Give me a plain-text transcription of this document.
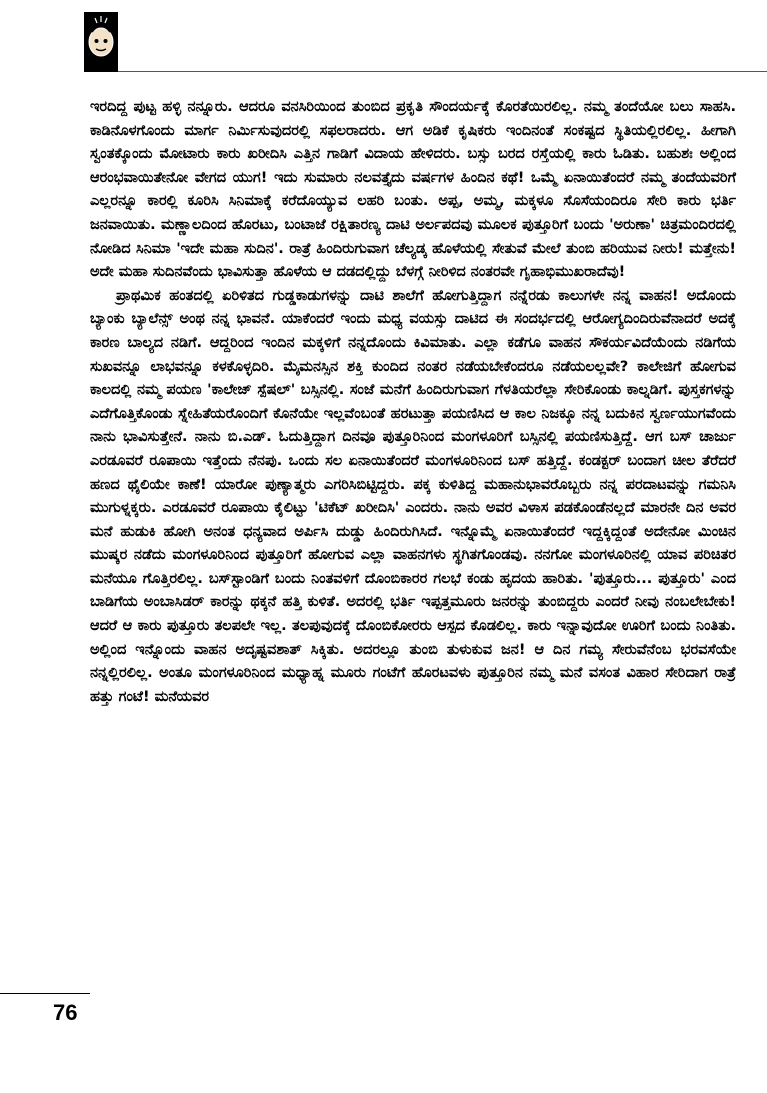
ಇರದಿದ್ದ ಪುಟ್ಟ ಹಳ್ಳಿ ನನ್ನೂರು. ಆದರೂ ವನಸಿರಿಯಿಂದ ತುಂಬಿದ ಪ್ರಕೃತಿ ಸೌಂದರ್ಯಕ್ಕೆ ಕೊರತೆಯಿರಲಿಲ್ಲ. ನಮ್ಮ ತಂದೆಯೋ ಬಲು ಸಾಹಸಿ. ಕಾಡಿನೊಳಗೊಂದು ಮಾರ್ಗ ನಿರ್ಮಿಸುವುದರಲ್ಲಿ ಸಫಲರಾದರು. ಆಗ ಅಡಿಕೆ ಕೃಷಿಕರು ಇಂದಿನಂತೆ ಸಂಕಷ್ಟದ ಸ್ಥಿತಿಯಲ್ಲಿರಲಿಲ್ಲ. ಹೀಗಾಗಿ ಸ್ವಂತಕ್ಕೊಂದು ಮೋಟಾರು ಕಾರು ಖರೀದಿಸಿ ಎತ್ತಿನ ಗಾಡಿಗೆ ವಿದಾಯ ಹೇಳಿದರು. ಬಸ್ಸು ಬರದ ರಸ್ತೆಯಲ್ಲಿ ಕಾರು ಓಡಿತು. ಬಹುಶಃ ಅಲ್ಲಿಂದ ಆರಂಭವಾಯಿತೇನೋ ವೇಗದ ಯುಗ! ಇದು ಸುಮಾರು ನಲವತ್ತೈದು ವರ್ಷಗಳ ಹಿಂದಿನ ಕಥೆ! ಒಮ್ಮೆ ಏನಾಯಿತೆಂದರೆ ನಮ್ಮ ತಂದೆಯವರಿಗೆ ಎಲ್ಲರನ್ನೂ ಕಾರಲ್ಲಿ ಕೂರಿಸಿ ಸಿನಿಮಾಕ್ಕೆ ಕರೆದೊಯ್ಯುವ ಲಹರಿ ಬಂತು. ಅಪ್ಪ, ಅಮ್ಮ, ಮಕ್ಕಳೂ ಸೊಸೆಯಂದಿರೂ ಸೇರಿ ಕಾರು ಭರ್ತಿ ಜನವಾಯಿತು. ಮಣ್ಣಾಲದಿಂದ ಹೊರಟು, ಬಂಟಾಜೆ ರಕ್ಷಿತಾರಣ್ಯ ದಾಟಿ ಅರ್ಲಪದವು ಮೂಲಕ ಪುತ್ತೂರಿಗೆ ಬಂದು 'ಅರುಣಾ' ಚಿತ್ರಮಂದಿರದಲ್ಲಿ ನೋಡಿದ ಸಿನಿಮಾ 'ಇದೇ ಮಹಾ ಸುದಿನ'. ರಾತ್ರೆ ಹಿಂದಿರುಗುವಾಗ ಚೆಲ್ಯಡ್ಕ ಹೊಳೆಯಲ್ಲಿ ಸೇತುವೆ ಮೇಲೆ ತುಂಬಿ ಹರಿಯುವ ನೀರು! ಮತ್ತೇನು! ಅದೇ ಮಹಾ ಸುದಿನವೆಂದು ಭಾವಿಸುತ್ತಾ ಹೊಳೆಯ ಆ ದಡದಲ್ಲಿದ್ದು ಬೆಳಗ್ಗೆ ನೀರಿಳಿದ ನಂತರವೇ ಗೃಹಾಭಿಮುಖರಾದೆವು!

ಪ್ರಾಥಮಿಕ ಹಂತದಲ್ಲಿ ಏರಿಳಿತದ ಗುಡ್ಡಕಾಡುಗಳನ್ನು ದಾಟಿ ಶಾಲೆಗೆ ಹೋಗುತ್ತಿದ್ದಾಗ ನನ್ನೆರಡು ಕಾಲುಗಳೇ ನನ್ನ ವಾಹನ! ಅದೊಂದು ಬ್ಯಾಂಕು ಬ್ಯಾಲೆನ್ಸ್ ಅಂಥ ನನ್ನ ಭಾವನೆ. ಯಾಕೆಂದರೆ ಇಂದು ಮಧ್ಯ ವಯಸ್ಸು ದಾಟಿದ ಈ ಸಂದರ್ಭದಲ್ಲಿ ಆರೋಗ್ಯದಿಂದಿರುವೆನಾದರೆ ಅದಕ್ಕೆ ಕಾರಣ ಬಾಲ್ಯದ ನಡಿಗೆ. ಆದ್ದರಿಂದ ಇಂದಿನ ಮಕ್ಕಳಿಗೆ ನನ್ನದೊಂದು ಕಿವಿಮಾತು. ಎಲ್ಲಾ ಕಡೆಗೂ ವಾಹನ ಸೌಕರ್ಯವಿದೆಯೆಂದು ನಡಿಗೆಯ ಸುಖವನ್ನೂ ಲಾಭವನ್ನೂ ಕಳಕೊಳ್ಳದಿರಿ. ಮೈಮನಸ್ಸಿನ ಶಕ್ತಿ ಕುಂದಿದ ನಂತರ ನಡೆಯಬೇಕೆಂದರೂ ನಡೆಯಲಲ್ಲವೇ? ಕಾಲೇಜಿಗೆ ಹೋಗುವ ಕಾಲದಲ್ಲಿ ನಮ್ಮ ಪಯಣ 'ಕಾಲೇಜ್ ಸ್ಪೆಷಲ್' ಬಸ್ಸಿನಲ್ಲಿ. ಸಂಜೆ ಮನೆಗೆ ಹಿಂದಿರುಗುವಾಗ ಗೆಳತಿಯರೆಲ್ಲಾ ಸೇರಿಕೊಂಡು ಕಾಲ್ನಡಿಗೆ. ಪುಸ್ತಕಗಳನ್ನು ಎದೆಗೊತ್ತಿಕೊಂಡು ಸ್ನೇಹಿತೆಯರೊಂದಿಗೆ ಕೊನೆಯೇ ಇಲ್ಲವೆಂಬಂತೆ ಹರಟುತ್ತಾ ಪಯಣಿಸಿದ ಆ ಕಾಲ ನಿಜಕ್ಕೂ ನನ್ನ ಬದುಕಿನ ಸ್ವರ್ಣಯುಗವೆಂದು ನಾನು ಭಾವಿಸುತ್ತೇನೆ. ನಾನು ಬಿ.ಎಡ್. ಓದುತ್ತಿದ್ದಾಗ ದಿನವೂ ಪುತ್ತೂರಿನಿಂದ ಮಂಗಳೂರಿಗೆ ಬಸ್ಸಿನಲ್ಲಿ ಪಯಣಿಸುತ್ತಿದ್ದೆ. ಆಗ ಬಸ್ ಚಾರ್ಜು ಎರಡೂವರೆ ರೂಪಾಯಿ ಇತ್ತೆಂದು ನೆನಪು. ಒಂದು ಸಲ ಏನಾಯಿತೆಂದರೆ ಮಂಗಳೂರಿನಿಂದ ಬಸ್ ಹತ್ತಿದ್ದೆ. ಕಂಡಕ್ಟರ್ ಬಂದಾಗ ಚೀಲ ತೆರೆದರೆ ಹಣದ ಥೈಲಿಯೇ ಕಾಣೆ! ಯಾರೋ ಪುಣ್ಯಾತ್ಮರು ಎಗರಿಸಿಬಿಟ್ಟಿದ್ದರು. ಪಕ್ಕ ಕುಳಿತಿದ್ದ ಮಹಾನುಭಾವರೊಬ್ಬರು ನನ್ನ ಪರದಾಟವನ್ನು ಗಮನಿಸಿ ಮುಗುಳ್ನಕ್ಕರು. ಎರಡೂವರೆ ರೂಪಾಯಿ ಕೈಲಿಟ್ಟು 'ಟಿಕೆಟ್ ಖರೀದಿಸಿ' ಎಂದರು. ನಾನು ಅವರ ವಿಳಾಸ ಪಡಕೊಂಡೆನಲ್ಲದೆ ಮಾರನೇ ದಿನ ಅವರ ಮನೆ ಹುಡುಕಿ ಹೋಗಿ ಅನಂತ ಧನ್ಯವಾದ ಅರ್ಪಿಸಿ ದುಡ್ಡು ಹಿಂದಿರುಗಿಸಿದೆ. ಇನ್ನೊಮ್ಮೆ ಏನಾಯಿತೆಂದರೆ ಇದ್ದಕ್ಕಿದ್ದಂತೆ ಅದೇನೋ ಮಿಂಚಿನ ಮುಷ್ಕರ ನಡೆದು ಮಂಗಳೂರಿನಿಂದ ಪುತ್ತೂರಿಗೆ ಹೋಗುವ ಎಲ್ಲಾ ವಾಹನಗಳು ಸ್ಥಗಿತಗೊಂಡವು. ನನಗೋ ಮಂಗಳೂರಿನಲ್ಲಿ ಯಾವ ಪರಿಚಿತರ ಮನೆಯೂ ಗೊತ್ತಿರಲಿಲ್ಲ. ಬಸ್‌ಸ್ಟಾಂಡಿಗೆ ಬಂದು ನಿಂತವಳಿಗೆ ದೊಂಬಿಕಾರರ ಗಲಭೆ ಕಂಡು ಹೃದಯ ಹಾರಿತು. 'ಪುತ್ತೂರು... ಪುತ್ತೂರು' ಎಂದ ಬಾಡಿಗೆಯ ಅಂಬಾಸಿಡರ್ ಕಾರನ್ನು ಥಕ್ಕನೆ ಹತ್ತಿ ಕುಳಿತೆ. ಅದರಲ್ಲಿ ಭರ್ತಿ ಇಪ್ಪತ್ತಮೂರು ಜನರನ್ನು ತುಂಬಿದ್ದರು ಎಂದರೆ ನೀವು ನಂಬಲೇಬೇಕು! ಆದರೆ ಆ ಕಾರು ಪುತ್ತೂರು ತಲಪಲೇ ಇಲ್ಲ. ತಲಪುವುದಕ್ಕೆ ದೊಂಬಿಕೋರರು ಆಸ್ಪದ ಕೊಡಲಿಲ್ಲ. ಕಾರು ಇನ್ನಾವುದೋ ಊರಿಗೆ ಬಂದು ನಿಂತಿತು. ಅಲ್ಲಿಂದ ಇನ್ನೊಂದು ವಾಹನ ಅದೃಷ್ಟವಶಾತ್ ಸಿಕ್ಕಿತು. ಅದರಲ್ಲೂ ತುಂಬಿ ತುಳುಕುವ ಜನ! ಆ ದಿನ ಗಮ್ಯ ಸೇರುವೆನೆಂಬ ಭರವಸೆಯೇ ನನ್ನಲ್ಲಿರಲಿಲ್ಲ. ಅಂತೂ ಮಂಗಳೂರಿನಿಂದ ಮಧ್ಯಾಹ್ನ ಮೂರು ಗಂಟೆಗೆ ಹೊರಟವಳು ಪುತ್ತೂರಿನ ನಮ್ಮ ಮನೆ ವಸಂತ ವಿಹಾರ ಸೇರಿದಾಗ ರಾತ್ರೆ ಹತ್ತು ಗಂಟೆ! ಮನೆಯವರ

76
